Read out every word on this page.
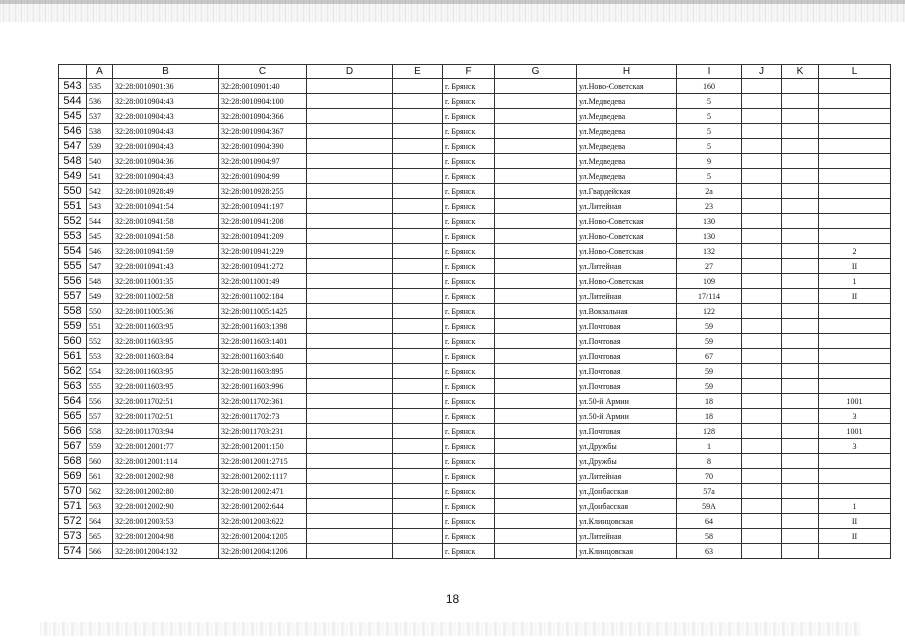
	A	B	C	D	E	F	G	H	I	J	K	L
543	535	32:28:0010901:36	32:28:0010901:40			г. Брянск		ул.Ново-Советская	160			
544	536	32:28:0010904:43	32:28:0010904:100			г. Брянск		ул.Медведева	5			
545	537	32:28:0010904:43	32:28:0010904:366			г. Брянск		ул.Медведева	5			
546	538	32:28:0010904:43	32:28:0010904:367			г. Брянск		ул.Медведева	5			
547	539	32:28:0010904:43	32:28:0010904:390			г. Брянск		ул.Медведева	5			
548	540	32:28:0010904:36	32:28:0010904:97			г. Брянск		ул.Медведева	9			
549	541	32:28:0010904:43	32:28:0010904:99			г. Брянск		ул.Медведева	5			
550	542	32:28:0010928:49	32:28:0010928:255			г. Брянск		ул.Гвардейская	2а			
551	543	32:28:0010941:54	32:28:0010941:197			г. Брянск		ул.Литейная	23			
552	544	32:28:0010941:58	32:28:0010941:208			г. Брянск		ул.Ново-Советская	130			
553	545	32:28:0010941:58	32:28:0010941:209			г. Брянск		ул.Ново-Советская	130			
554	546	32:28:0010941:59	32:28:0010941:229			г. Брянск		ул.Ново-Советская	132			2
555	547	32:28:0010941:43	32:28:0010941:272			г. Брянск		ул.Литейная	27			II
556	548	32:28:0011001:35	32:28:0011001:49			г. Брянск		ул.Ново-Советская	109			1
557	549	32:28:0011002:58	32:28:0011002:184			г. Брянск		ул.Литейная	17/114			II
558	550	32:28:0011005:36	32:28:0011005:1425			г. Брянск		ул.Вокзальная	122			
559	551	32:28:0011603:95	32:28:0011603:1398			г. Брянск		ул.Почтовая	59			
560	552	32:28:0011603:95	32:28:0011603:1401			г. Брянск		ул.Почтовая	59			
561	553	32:28:0011603:84	32:28:0011603:640			г. Брянск		ул.Почтовая	67			
562	554	32:28:0011603:95	32:28:0011603:895			г. Брянск		ул.Почтовая	59			
563	555	32:28:0011603:95	32:28:0011603:996			г. Брянск		ул.Почтовая	59			
564	556	32:28:0011702:51	32:28:0011702:361			г. Брянск		ул.50-й Армии	18			1001
565	557	32:28:0011702:51	32:28:0011702:73			г. Брянск		ул.50-й Армии	18			3
566	558	32:28:0011703:94	32:28:0011703:231			г. Брянск		ул.Почтовая	128			1001
567	559	32:28:0012001:77	32:28:0012001:150			г. Брянск		ул.Дружбы	1			3
568	560	32:28:0012001:114	32:28:0012001:2715			г. Брянск		ул.Дружбы	8			
569	561	32:28:0012002:98	32:28:0012002:1117			г. Брянск		ул.Литейная	70			
570	562	32:28:0012002:80	32:28:0012002:471			г. Брянск		ул.Донбасская	57а			
571	563	32:28:0012002:90	32:28:0012002:644			г. Брянск		ул.Донбасская	59А			1
572	564	32:28:0012003:53	32:28:0012003:622			г. Брянск		ул.Клинцовская	64			II
573	565	32:28:0012004:98	32:28:0012004:1205			г. Брянск		ул.Литейная	58			II
574	566	32:28:0012004:132	32:28:0012004:1206			г. Брянск		ул.Клинцовская	63			
18
